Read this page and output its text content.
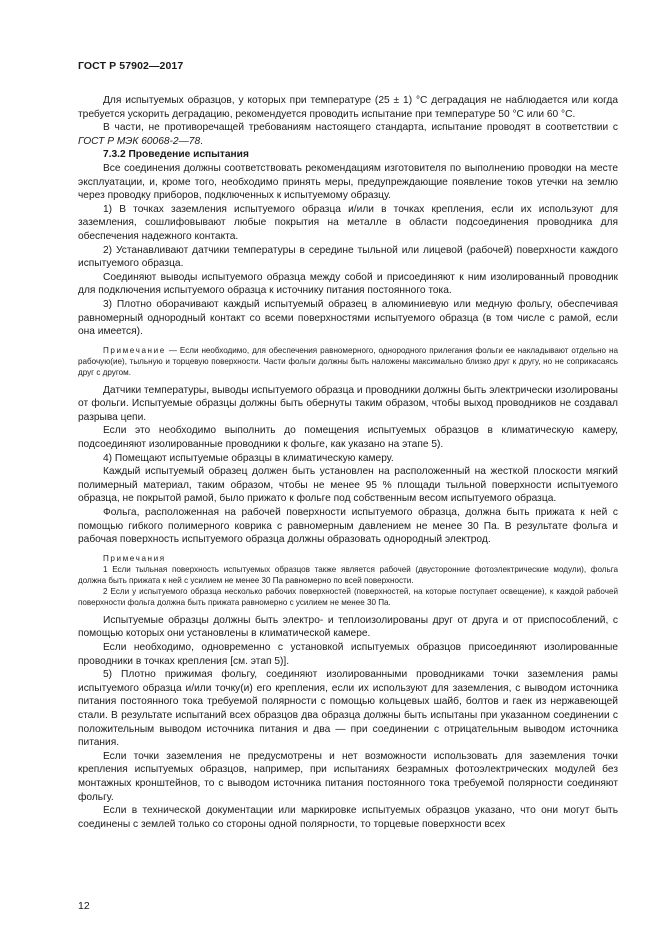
ГОСТ Р 57902—2017

Для испытуемых образцов, у которых при температуре (25 ± 1) °С деградация не наблюдается или когда требуется ускорить деградацию, рекомендуется проводить испытание при температуре 50 °С или 60 °С.

В части, не противоречащей требованиям настоящего стандарта, испытание проводят в соответствии с ГОСТ Р МЭК 60068-2—78.

7.3.2 Проведение испытания

Все соединения должны соответствовать рекомендациям изготовителя по выполнению проводки на месте эксплуатации, и, кроме того, необходимо принять меры, предупреждающие появление токов утечки на землю через проводку приборов, подключенных к испытуемому образцу.

1) В точках заземления испытуемого образца и/или в точках крепления, если их используют для заземления, сошлифовывают любые покрытия на металле в области подсоединения проводника для обеспечения надежного контакта.

2) Устанавливают датчики температуры в середине тыльной или лицевой (рабочей) поверхности каждого испытуемого образца.

Соединяют выводы испытуемого образца между собой и присоединяют к ним изолированный проводник для подключения испытуемого образца к источнику питания постоянного тока.

3) Плотно оборачивают каждый испытуемый образец в алюминиевую или медную фольгу, обеспечивая равномерный однородный контакт со всеми поверхностями испытуемого образца (в том числе с рамой, если она имеется).

Примечание — Если необходимо, для обеспечения равномерного, однородного прилегания фольги ее накладывают отдельно на рабочую(ие), тыльную и торцевую поверхности. Части фольги должны быть наложены максимально близко друг к другу, но не соприкасаясь друг с другом.

Датчики температуры, выводы испытуемого образца и проводники должны быть электрически изолированы от фольги. Испытуемые образцы должны быть обернуты таким образом, чтобы выход проводников не создавал разрыва цепи.

Если это необходимо выполнить до помещения испытуемых образцов в климатическую камеру, подсоединяют изолированные проводники к фольге, как указано на этапе 5).

4) Помещают испытуемые образцы в климатическую камеру.

Каждый испытуемый образец должен быть установлен на расположенный на жесткой плоскости мягкий полимерный материал, таким образом, чтобы не менее 95 % площади тыльной поверхности испытуемого образца, не покрытой рамой, было прижато к фольге под собственным весом испытуемого образца.

Фольга, расположенная на рабочей поверхности испытуемого образца, должна быть прижата к ней с помощью гибкого полимерного коврика с равномерным давлением не менее 30 Па. В результате фольга и рабочая поверхность испытуемого образца должны образовать однородный электрод.

Примечания

1 Если тыльная поверхность испытуемых образцов также является рабочей (двусторонние фотоэлектрические модули), фольга должна быть прижата к ней с усилием не менее 30 Па равномерно по всей поверхности.

2 Если у испытуемого образца несколько рабочих поверхностей (поверхностей, на которые поступает освещение), к каждой рабочей поверхности фольга должна быть прижата равномерно с усилием не менее 30 Па.

Испытуемые образцы должны быть электро- и теплоизолированы друг от друга и от приспособлений, с помощью которых они установлены в климатической камере.

Если необходимо, одновременно с установкой испытуемых образцов присоединяют изолированные проводники в точках крепления [см. этап 5)].

5) Плотно прижимая фольгу, соединяют изолированными проводниками точки заземления рамы испытуемого образца и/или точку(и) его крепления, если их используют для заземления, с выводом источника питания постоянного тока требуемой полярности с помощью кольцевых шайб, болтов и гаек из нержавеющей стали. В результате испытаний всех образцов два образца должны быть испытаны при указанном соединении с положительным выводом источника питания и два — при соединении с отрицательным выводом источника питания.

Если точки заземления не предусмотрены и нет возможности использовать для заземления точки крепления испытуемых образцов, например, при испытаниях безрамных фотоэлектрических модулей без монтажных кронштейнов, то с выводом источника питания постоянного тока требуемой полярности соединяют фольгу.

Если в технической документации или маркировке испытуемых образцов указано, что они могут быть соединены с землей только со стороны одной полярности, то торцевые поверхности всех

12
